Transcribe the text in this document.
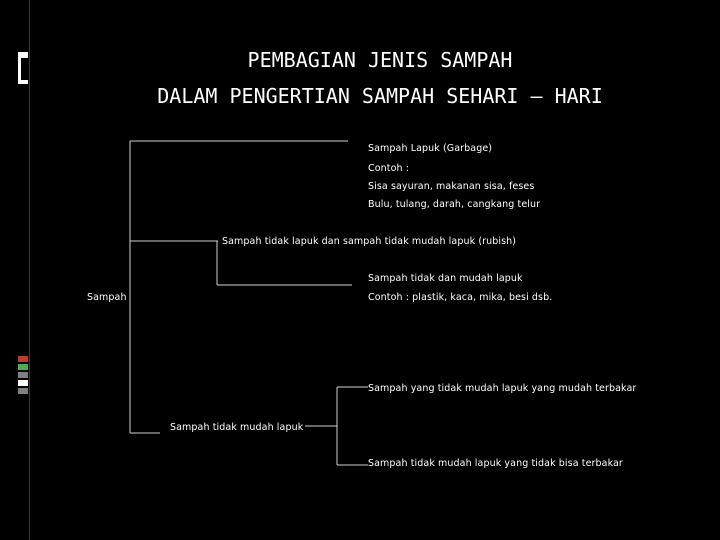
PEMBAGIAN JENIS SAMPAH
DALAM PENGERTIAN SAMPAH SEHARI – HARI
Sampah
Sampah Lapuk (Garbage)
Contoh :
Sisa sayuran, makanan sisa, feses
Bulu, tulang, darah, cangkang telur
Sampah tidak lapuk dan sampah tidak mudah lapuk (rubish)
Sampah tidak dan mudah lapuk
Contoh : plastik, kaca, mika, besi dsb.
Sampah tidak mudah lapuk
Sampah yang tidak mudah lapuk yang mudah terbakar
Sampah tidak mudah lapuk yang tidak bisa terbakar
